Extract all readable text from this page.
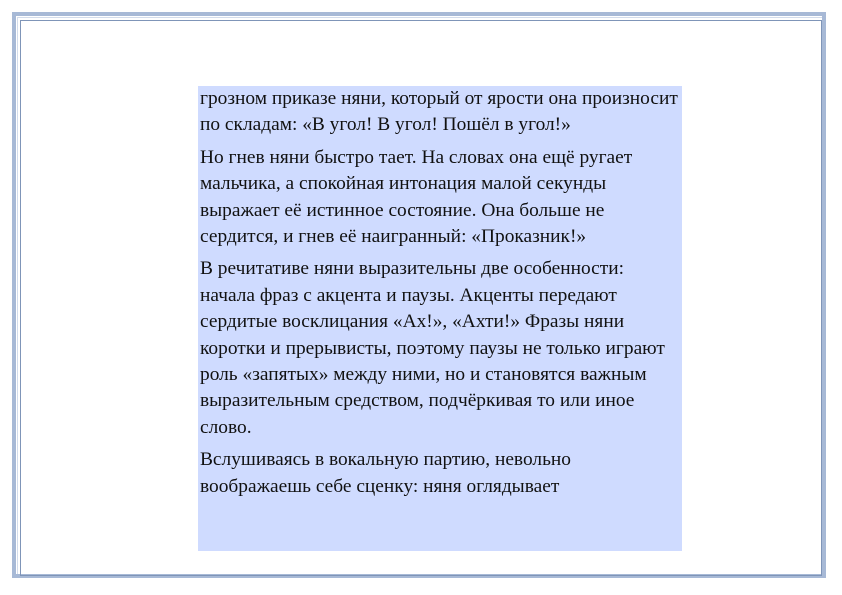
грозном приказе няни, который от ярости она произносит по складам: «В угол! В угол! Пошёл в угол!»

Но гнев няни быстро тает. На словах она ещё ругает мальчика, а спокойная интонация малой секунды выражает её истинное состояние. Она больше не сердится, и гнев её наигранный: «Проказник!»

В речитативе няни выразительны две особенности: начала фраз с акцента и паузы. Акценты передают сердитые восклицания «Ах!», «Ахти!» Фразы няни коротки и прерывисты, поэтому паузы не только играют роль «запятых» между ними, но и становятся важным выразительным средством, подчёркивая то или иное слово.

Вслушиваясь в вокальную партию, невольно воображаешь себе сценку: няня оглядывает
